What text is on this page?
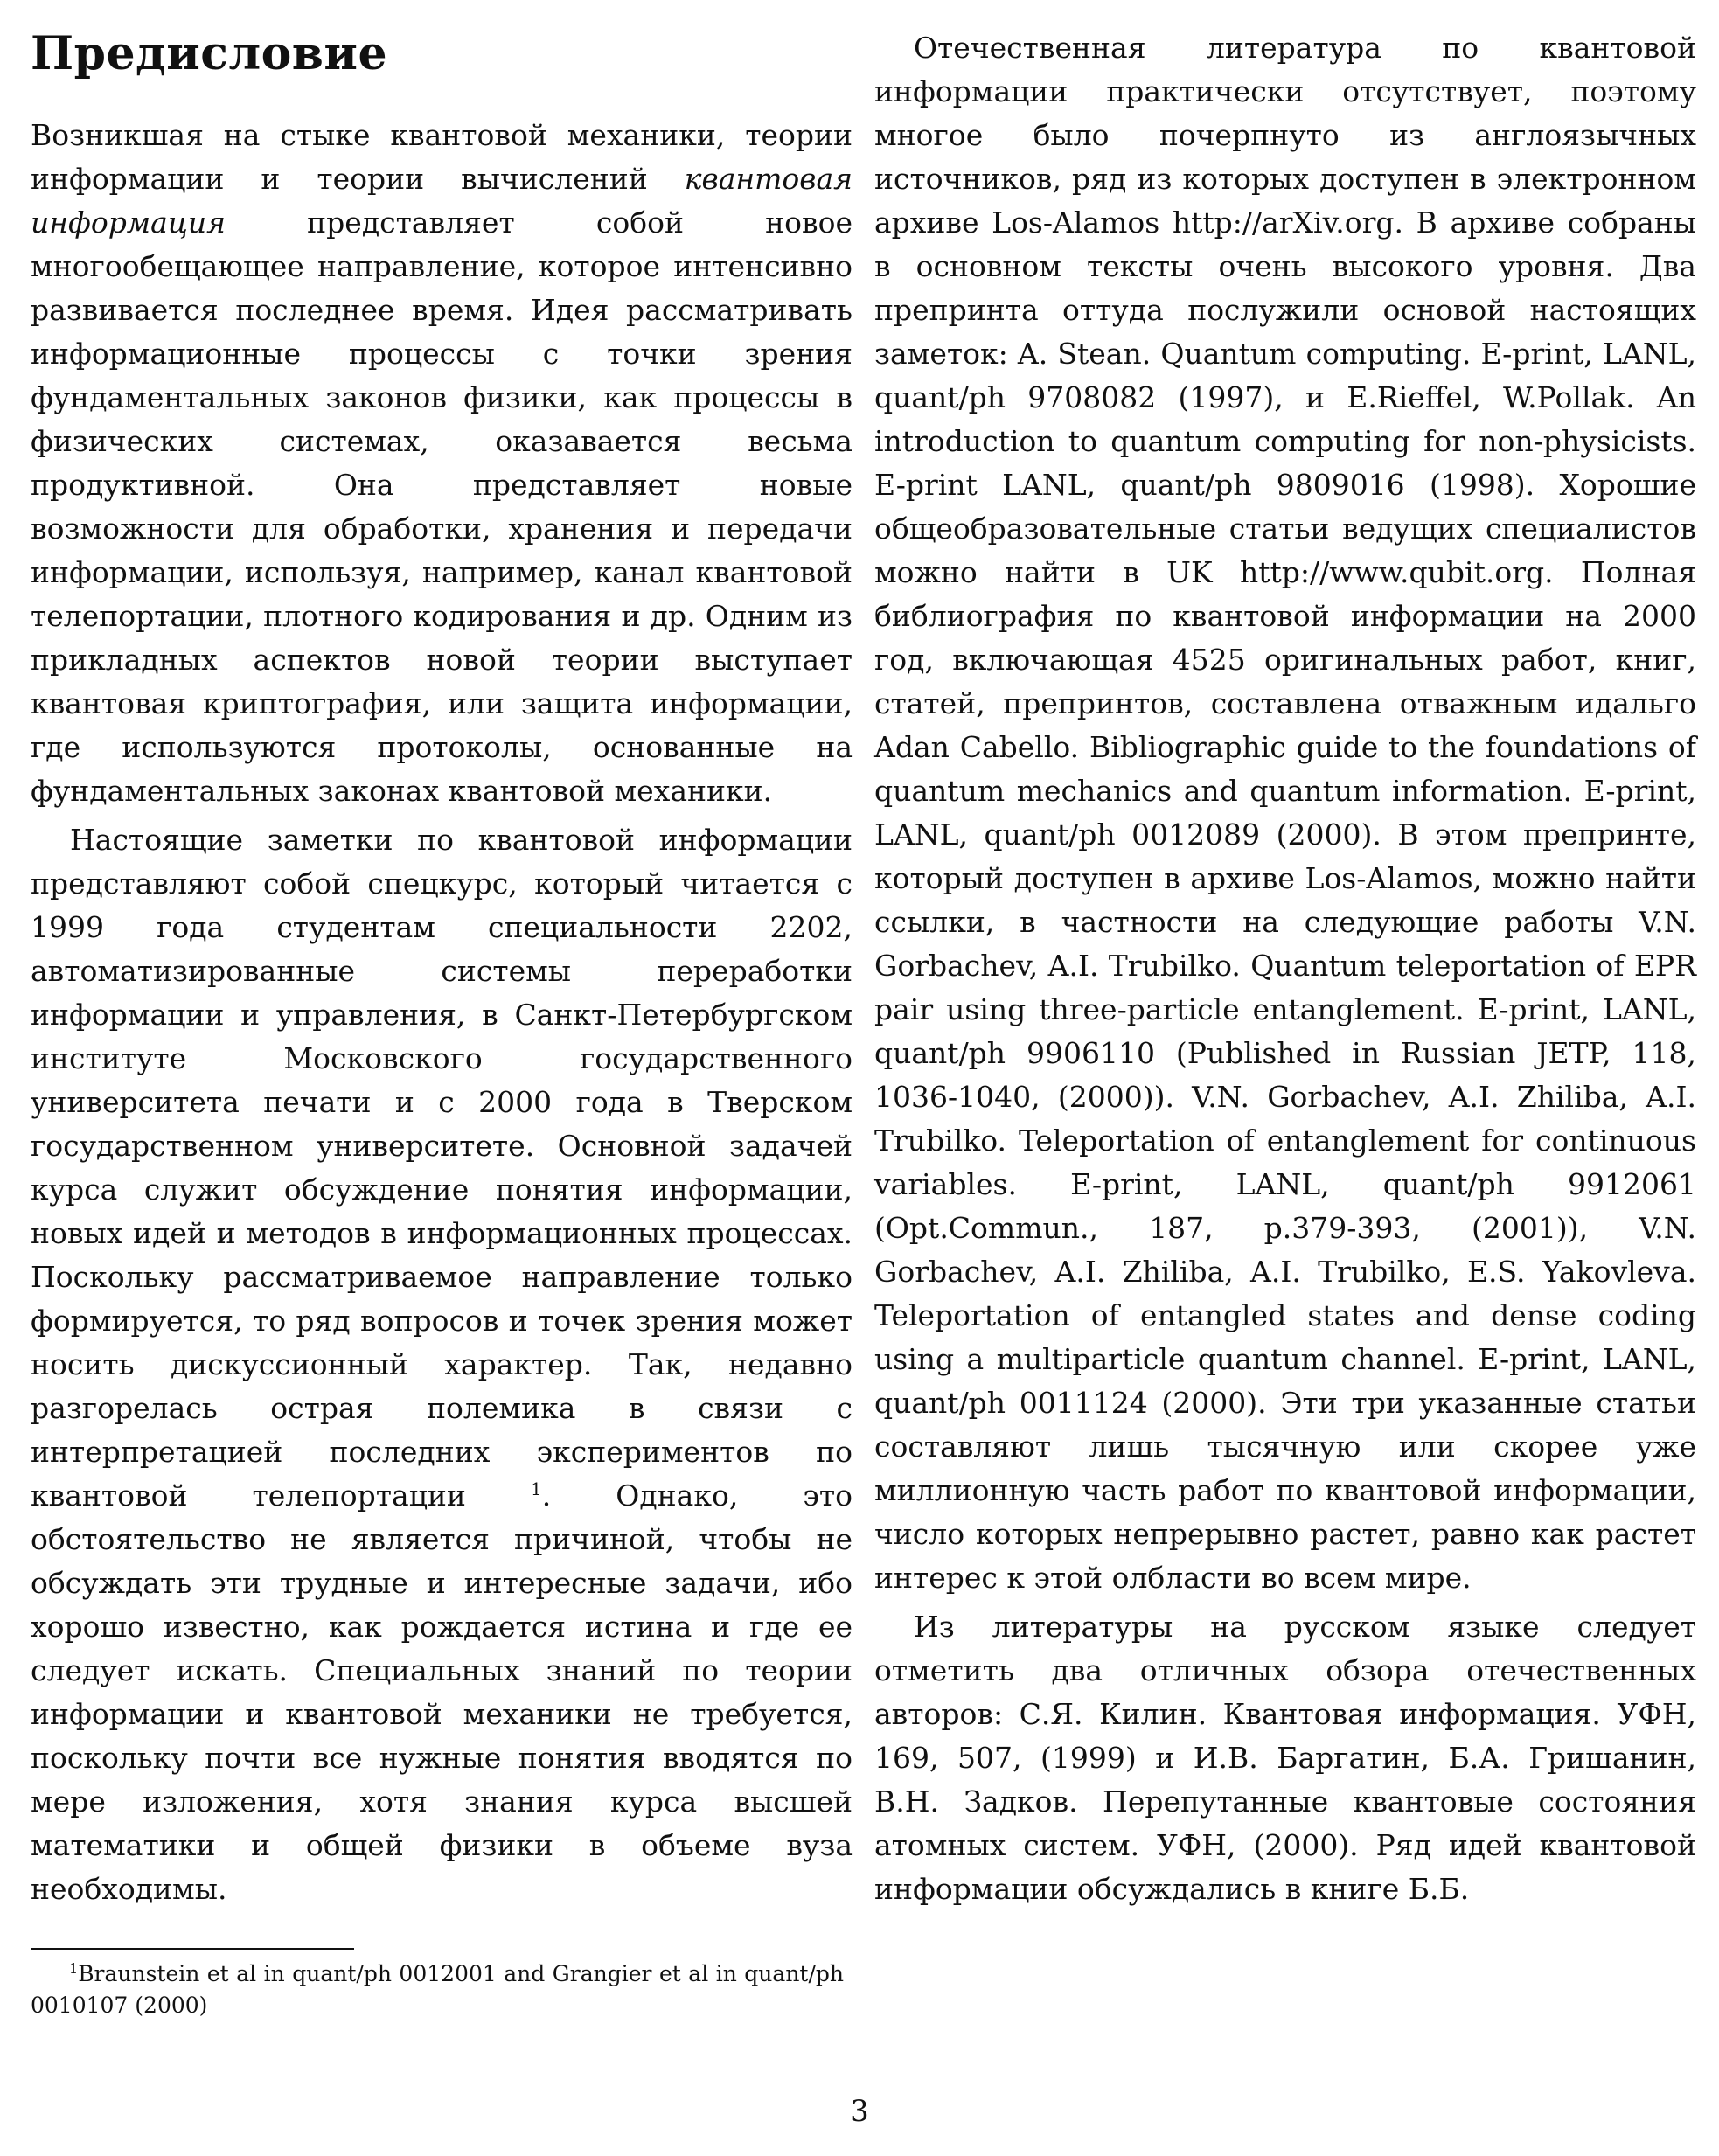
Предисловие

Возникшая на стыке квантовой механики, теории информации и теории вычислений квантовая информация представляет собой новое многообещающее направление, которое интенсивно развивается последнее время. Идея рассматривать информационные процессы с точки зрения фундаментальных законов физики, как процессы в физических системах, оказавается весьма продуктивной. Она представляет новые возможности для обработки, хранения и передачи информации, используя, например, канал квантовой телепортации, плотного кодирования и др. Одним из прикладных аспектов новой теории выступает квантовая криптография, или защита информации, где используются протоколы, основанные на фундаментальных законах квантовой механики.

Настоящие заметки по квантовой информации представляют собой спецкурс, который читается с 1999 года студентам специальности 2202, автоматизированные системы переработки информации и управления, в Санкт-Петербургском институте Московского государственного университета печати и с 2000 года в Тверском государственном университете. Основной задачей курса служит обсуждение понятия информации, новых идей и методов в информационных процессах. Поскольку рассматриваемое направление только формируется, то ряд вопросов и точек зрения может носить дискуссионный характер. Так, недавно разгорелась острая полемика в связи с интерпретацией последних экспериментов по квантовой телепортации $^1$. Однако, это обстоятельство не является причиной, чтобы не обсуждать эти трудные и интересные задачи, ибо хорошо известно, как рождается истина и где ее следует искать. Специальных знаний по теории информации и квантовой механики не требуется, поскольку почти все нужные понятия вводятся по мере изложения, хотя знания курса высшей математики и общей физики в объеме вуза необходимы.

Отечественная литература по квантовой информации практически отсутствует, поэтому многое было почерпнуто из англоязычных источников, ряд из которых доступен в электронном архиве Los-Alamos http://arXiv.org. В архиве собраны в основном тексты очень высокого уровня. Два препринта оттуда послужили основой настоящих заметок: A. Stean. Quantum computing. E-print, LANL, quant/ph 9708082 (1997), и E.Rieffel, W.Pollak. An introduction to quantum computing for non-physicists. E-print LANL, quant/ph 9809016 (1998). Хорошие общеобразовательные статьи ведущих специалистов можно найти в UK http://www.qubit.org. Полная библиография по квантовой информации на 2000 год, включающая 4525 оригинальных работ, книг, статей, препринтов, составлена отважным идальго Adan Cabello. Bibliographic guide to the foundations of quantum mechanics and quantum information. E-print, LANL, quant/ph 0012089 (2000). В этом препринте, который доступен в архиве Los-Alamos, можно найти ссылки, в частности на следующие работы V.N. Gorbachev, A.I. Trubilko. Quantum teleportation of EPR pair using three-particle entanglement. E-print, LANL, quant/ph 9906110 (Published in Russian JETP, 118, 1036-1040, (2000)). V.N. Gorbachev, A.I. Zhiliba, A.I. Trubilko. Teleportation of entanglement for continuous variables. E-print, LANL, quant/ph 9912061 (Opt.Commun., 187, p.379-393, (2001)), V.N. Gorbachev, A.I. Zhiliba, A.I. Trubilko, E.S. Yakovleva. Teleportation of entangled states and dense coding using a multiparticle quantum channel. E-print, LANL, quant/ph 0011124 (2000). Эти три указанные статьи составляют лишь тысячную или скорее уже миллионную часть работ по квантовой информации, число которых непрерывно растет, равно как растет интерес к этой олбласти во всем мире.

Из литературы на русском языке следует отметить два отличных обзора отечественных авторов: С.Я. Килин. Квантовая информация. УФН, 169, 507, (1999) и И.В. Баргатин, Б.А. Гришанин, В.Н. Задков. Перепутанные квантовые состояния атомных систем. УФН, (2000). Ряд идей квантовой информации обсуждались в книге Б.Б.

$^1$Braunstein et al in quant/ph 0012001 and Grangier et al in quant/ph 0010107 (2000)
3
